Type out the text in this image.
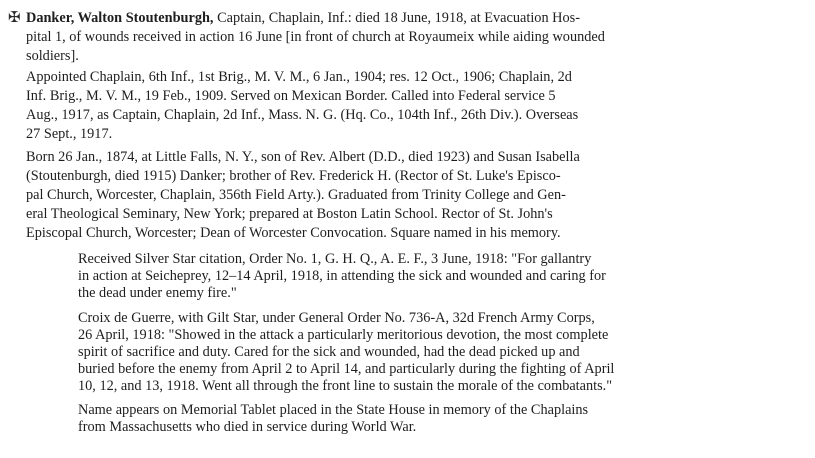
✠ Danker, Walton Stoutenburgh, Captain, Chaplain, Inf.: died 18 June, 1918, at Evacuation Hos-
pital 1, of wounds received in action 16 June [in front of church at Royaumeix while aiding wounded
soldiers].
Appointed Chaplain, 6th Inf., 1st Brig., M. V. M., 6 Jan., 1904; res. 12 Oct., 1906; Chaplain, 2d
Inf. Brig., M. V. M., 19 Feb., 1909. Served on Mexican Border. Called into Federal service 5
Aug., 1917, as Captain, Chaplain, 2d Inf., Mass. N. G. (Hq. Co., 104th Inf., 26th Div.). Overseas
27 Sept., 1917.
Born 26 Jan., 1874, at Little Falls, N. Y., son of Rev. Albert (D.D., died 1923) and Susan Isabella
(Stoutenburgh, died 1915) Danker; brother of Rev. Frederick H. (Rector of St. Luke's Episco-
pal Church, Worcester, Chaplain, 356th Field Arty.). Graduated from Trinity College and Gen-
eral Theological Seminary, New York; prepared at Boston Latin School. Rector of St. John's
Episcopal Church, Worcester; Dean of Worcester Convocation. Square named in his memory.
Received Silver Star citation, Order No. 1, G. H. Q., A. E. F., 3 June, 1918: "For gallantry
in action at Seicheprey, 12–14 April, 1918, in attending the sick and wounded and caring for
the dead under enemy fire."
Croix de Guerre, with Gilt Star, under General Order No. 736-A, 32d French Army Corps,
26 April, 1918: "Showed in the attack a particularly meritorious devotion, the most complete
spirit of sacrifice and duty. Cared for the sick and wounded, had the dead picked up and
buried before the enemy from April 2 to April 14, and particularly during the fighting of April
10, 12, and 13, 1918. Went all through the front line to sustain the morale of the combatants."
Name appears on Memorial Tablet placed in the State House in memory of the Chaplains
from Massachusetts who died in service during World War.
